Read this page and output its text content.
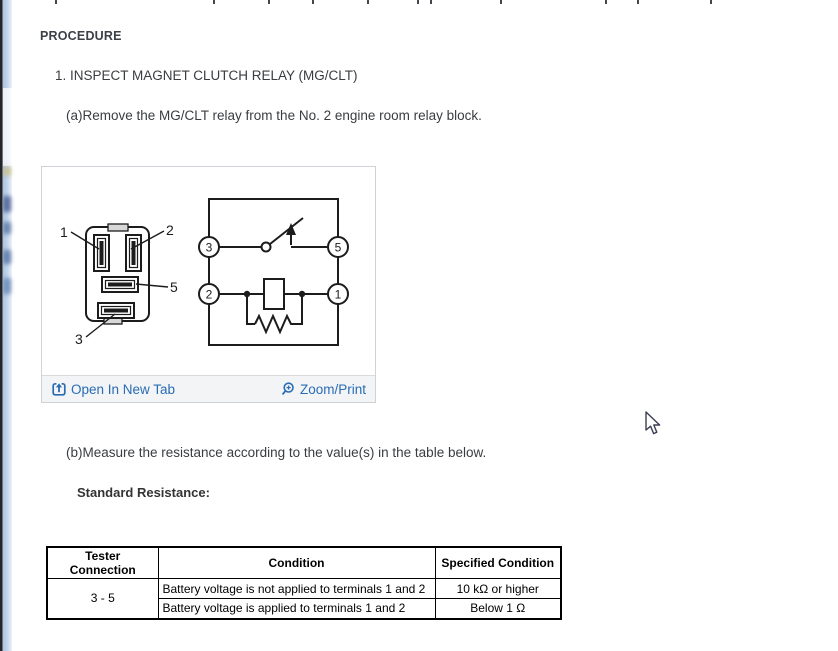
PROCEDURE
1. INSPECT MAGNET CLUTCH RELAY (MG/CLT)
(a)Remove the MG/CLT relay from the No. 2 engine room relay block.
1	2
5
3
3	5
2	1
Open In New Tab	Zoom/Print
(b)Measure the resistance according to the value(s) in the table below.
Standard Resistance:
Tester Connection	Condition	Specified Condition
3 - 5	Battery voltage is not applied to terminals 1 and 2	10 kΩ or higher
	Battery voltage is applied to terminals 1 and 2	Below 1 Ω
